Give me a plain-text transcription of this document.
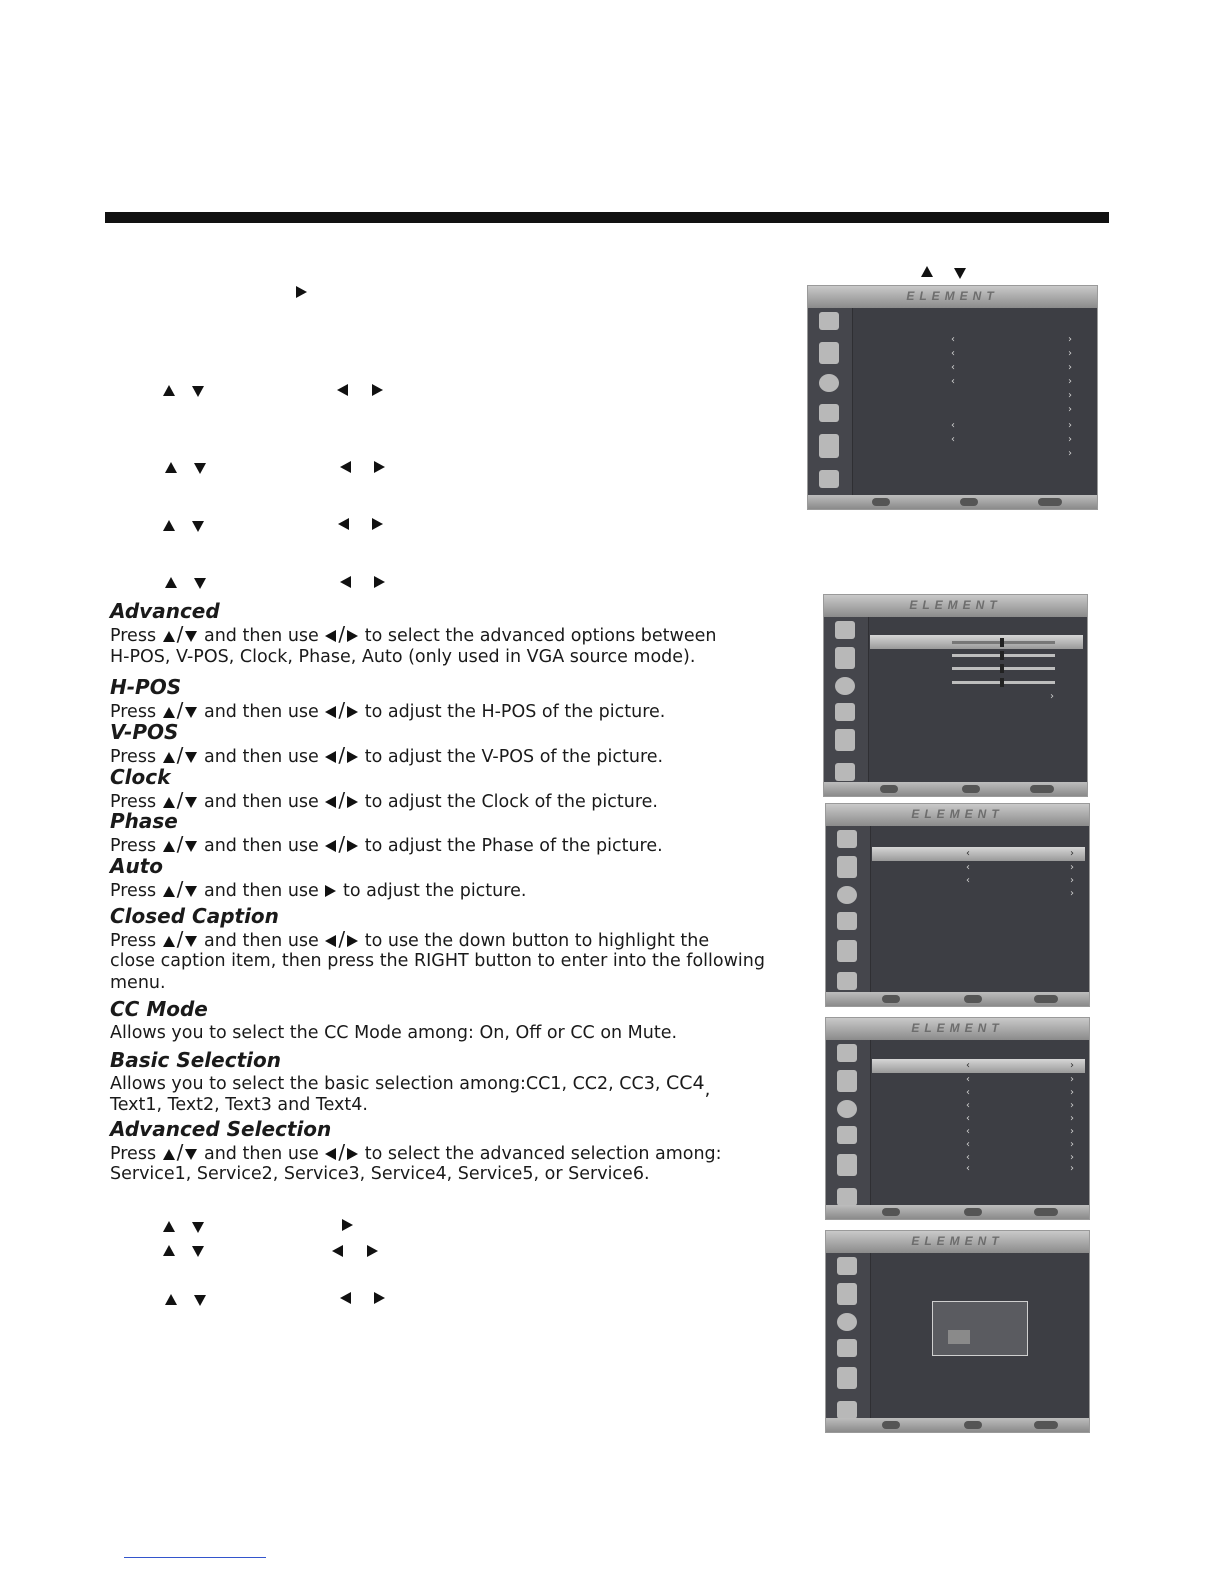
Advanced
Press / and then use / to select the advanced options between
H-POS, V-POS, Clock, Phase, Auto (only used in VGA source mode).
H-POS
Press / and then use / to adjust the H-POS of the picture.
V-POS
Press / and then use / to adjust the V-POS of the picture.
Clock
Press / and then use / to adjust the Clock of the picture.
Phase
Press / and then use / to adjust the Phase of the picture.
Auto
Press / and then use to adjust the picture.
Closed Caption
Press / and then use / to use the down button to highlight the
close caption item, then press the RIGHT button to enter into the following
menu.
CC Mode
Allows you to select the CC Mode among: On, Off or CC on Mute.
Basic Selection
Allows you to select the basic selection among:CC1, CC2, CC3, CC4,
Text1, Text2, Text3 and Text4.
Advanced Selection
Press / and then use / to select the advanced selection among:
Service1, Service2, Service3, Service4, Service5, or Service6.
ELEMENT
‹	›
‹	›
‹	›
‹	›
›
›
‹	›
‹	›
›
ELEMENT
›
ELEMENT
‹	›
‹	›
‹	›
›
ELEMENT
‹	›
‹	›
‹	›
‹	›
‹	›
‹	›
‹	›
‹	›
‹	›
ELEMENT
